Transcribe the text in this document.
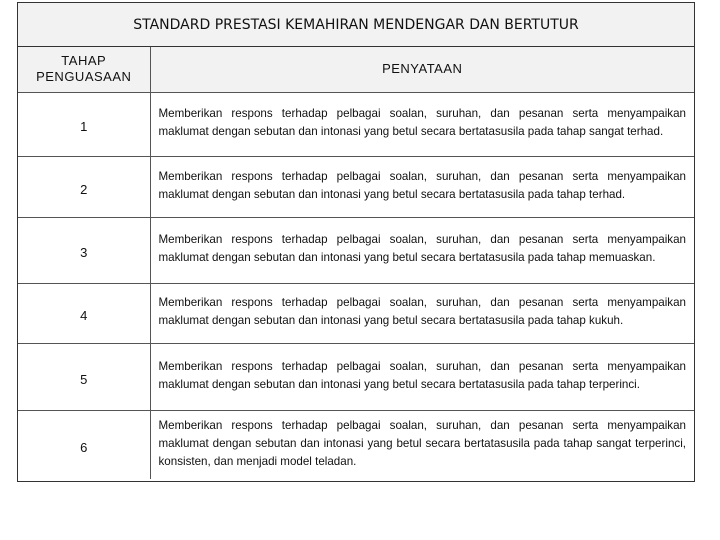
STANDARD PRESTASI KEMAHIRAN MENDENGAR DAN BERTUTUR
TAHAP PENGUASAAN	PENYATAAN
1	Memberikan respons terhadap pelbagai soalan, suruhan, dan pesanan serta menyampaikan maklumat dengan sebutan dan intonasi yang betul secara bertatasusila pada tahap sangat terhad.
2	Memberikan respons terhadap pelbagai soalan, suruhan, dan pesanan serta menyampaikan maklumat dengan sebutan dan intonasi yang betul secara bertatasusila pada tahap terhad.
3	Memberikan respons terhadap pelbagai soalan, suruhan, dan pesanan serta menyampaikan maklumat dengan sebutan dan intonasi yang betul secara bertatasusila pada tahap memuaskan.
4	Memberikan respons terhadap pelbagai soalan, suruhan, dan pesanan serta menyampaikan maklumat dengan sebutan dan intonasi yang betul secara bertatasusila pada tahap kukuh.
5	Memberikan respons terhadap pelbagai soalan, suruhan, dan pesanan serta menyampaikan maklumat dengan sebutan dan intonasi yang betul secara bertatasusila pada tahap terperinci.
6	Memberikan respons terhadap pelbagai soalan, suruhan, dan pesanan serta menyampaikan maklumat dengan sebutan dan intonasi yang betul secara bertatasusila pada tahap sangat terperinci, konsisten, dan menjadi model teladan.
